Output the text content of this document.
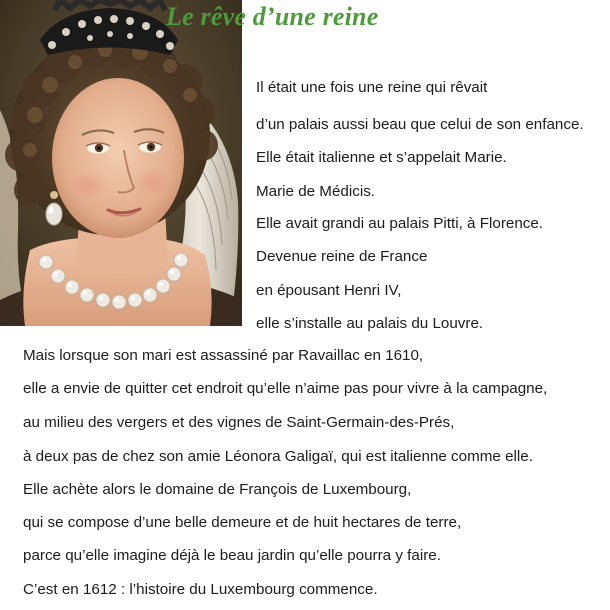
Le rêve d’une reine
Il était une fois une reine qui rêvait
d’un palais aussi beau que celui de son enfance.
Elle était italienne et s’appelait Marie.
Marie de Médicis.
Elle avait grandi au palais Pitti, à Florence.
Devenue reine de France
en épousant Henri IV,
elle s’installe au palais du Louvre.
Mais lorsque son mari est assassiné par Ravaillac en 1610,
elle a envie de quitter cet endroit qu’elle n’aime pas pour vivre à la campagne,
au milieu des vergers et des vignes de Saint-Germain-des-Prés,
à deux pas de chez son amie Léonora Galigaï, qui est italienne comme elle.
Elle achète alors le domaine de François de Luxembourg,
qui se compose d’une belle demeure et de huit hectares de terre,
parce qu’elle imagine déjà le beau jardin qu’elle pourra y faire.
C’est en 1612 : l’histoire du Luxembourg commence.
